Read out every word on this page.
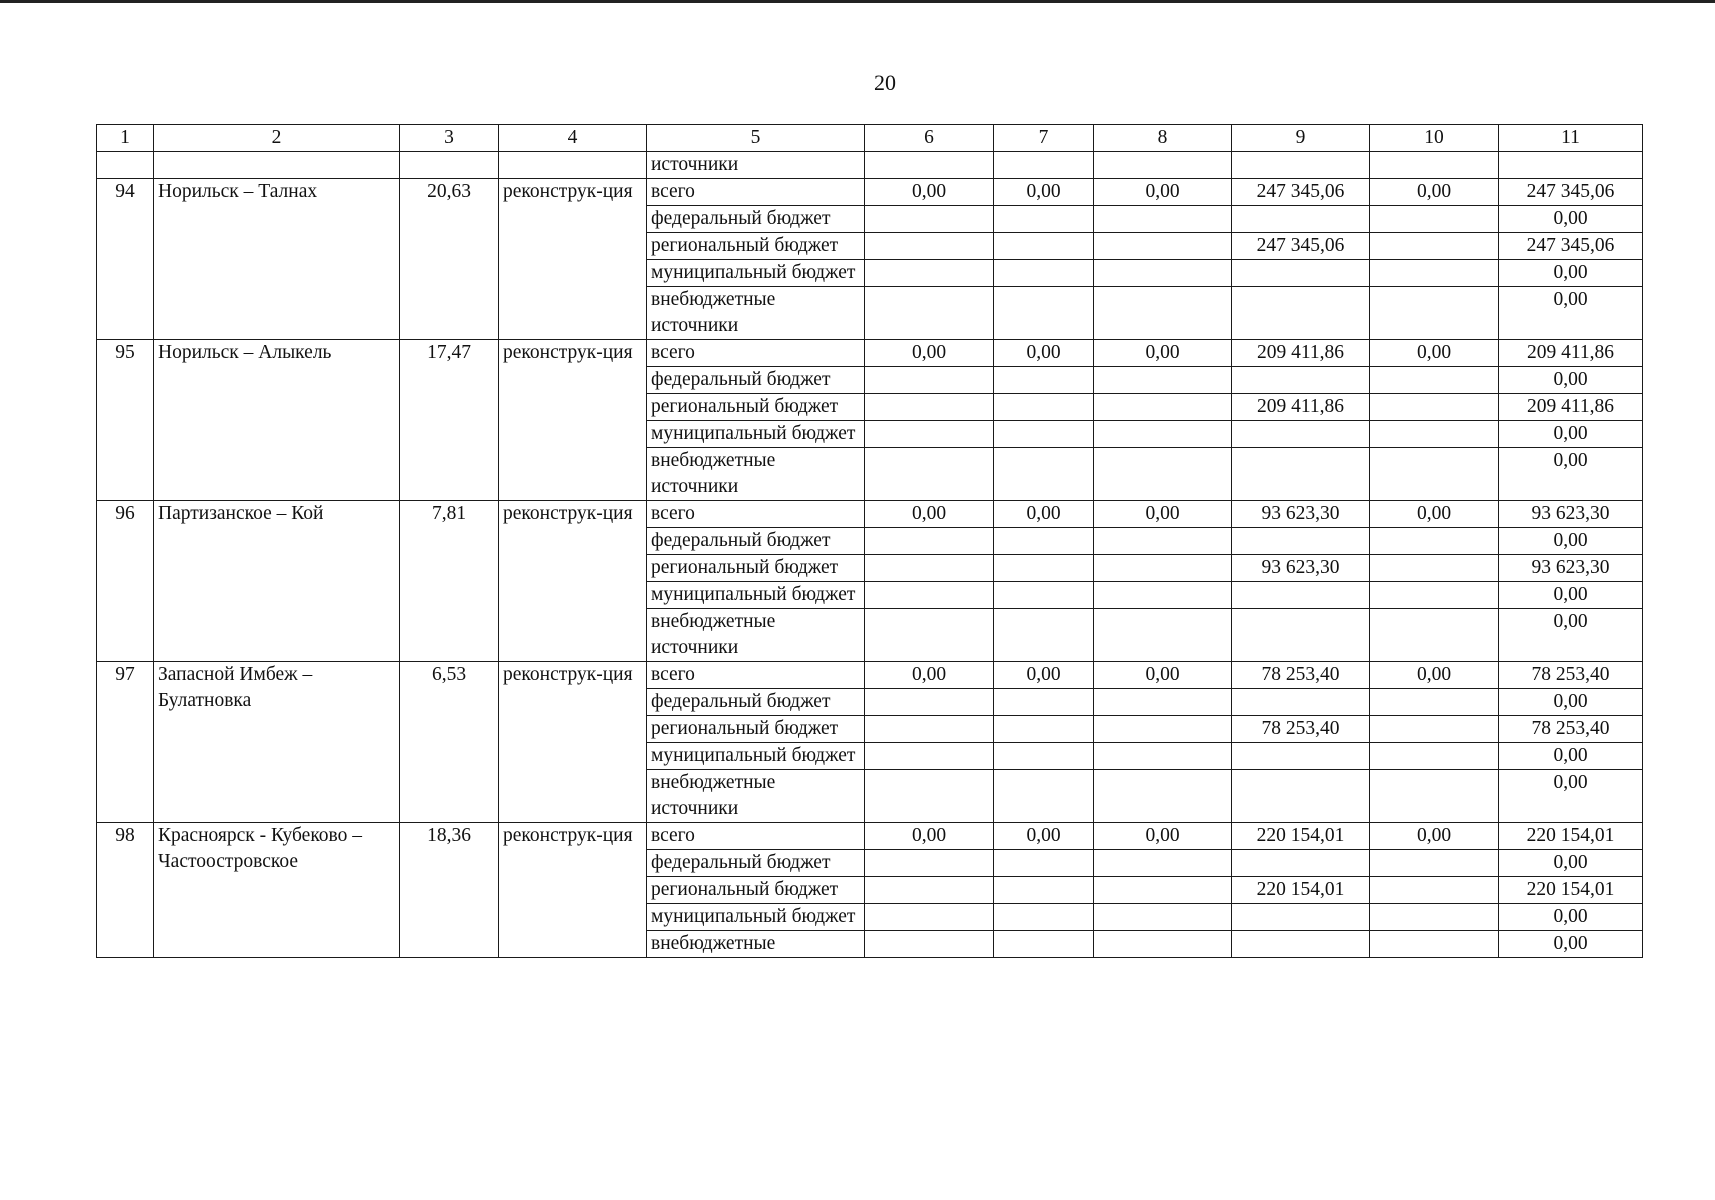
20
1	2	3	4	5	6	7	8	9	10	11
				источники						
94	Норильск – Талнах	20,63	реконструк-ция	всего	0,00	0,00	0,00	247 345,06	0,00	247 345,06
				федеральный бюджет						0,00
				региональный бюджет				247 345,06		247 345,06
				муниципальный бюджет						0,00
				внебюджетные источники						0,00
95	Норильск – Алыкель	17,47	реконструк-ция	всего	0,00	0,00	0,00	209 411,86	0,00	209 411,86
				федеральный бюджет						0,00
				региональный бюджет				209 411,86		209 411,86
				муниципальный бюджет						0,00
				внебюджетные источники						0,00
96	Партизанское – Кой	7,81	реконструк-ция	всего	0,00	0,00	0,00	93 623,30	0,00	93 623,30
				федеральный бюджет						0,00
				региональный бюджет				93 623,30		93 623,30
				муниципальный бюджет						0,00
				внебюджетные источники						0,00
97	Запасной Имбеж – Булатновка	6,53	реконструк-ция	всего	0,00	0,00	0,00	78 253,40	0,00	78 253,40
				федеральный бюджет						0,00
				региональный бюджет				78 253,40		78 253,40
				муниципальный бюджет						0,00
				внебюджетные источники						0,00
98	Красноярск - Кубеково – Частоостровское	18,36	реконструк-ция	всего	0,00	0,00	0,00	220 154,01	0,00	220 154,01
				федеральный бюджет						0,00
				региональный бюджет				220 154,01		220 154,01
				муниципальный бюджет						0,00
				внебюджетные						0,00
